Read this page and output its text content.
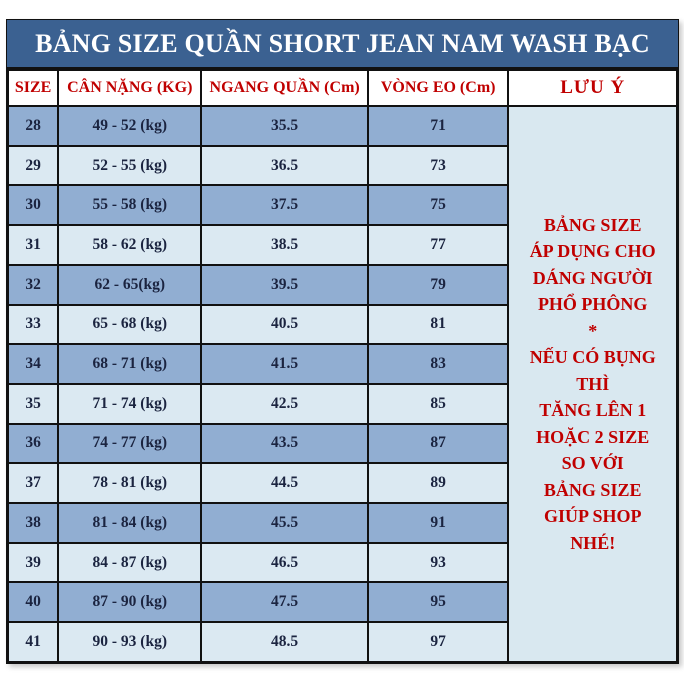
BẢNG SIZE QUẦN SHORT JEAN NAM WASH BẠC
SIZE	CÂN NẶNG (KG)	NGANG QUẦN (Cm)	VÒNG EO (Cm)	LƯU Ý
28	49 - 52 (kg)	35.5	71	
BẢNG SIZE
ÁP DỤNG CHO
DÁNG NGƯỜI
PHỔ PHÔNG
*
NẾU CÓ BỤNG
THÌ
TĂNG LÊN 1
HOẶC 2 SIZE
SO VỚI
BẢNG SIZE
GIÚP SHOP
NHÉ!

29	52 - 55 (kg)	36.5	73	
30	55 - 58 (kg)	37.5	75	
31	58 - 62 (kg)	38.5	77	
32	62 - 65(kg)	39.5	79	
33	65 - 68 (kg)	40.5	81	
34	68 - 71 (kg)	41.5	83	
35	71 - 74 (kg)	42.5	85	
36	74 - 77 (kg)	43.5	87	
37	78 - 81 (kg)	44.5	89	
38	81 - 84 (kg)	45.5	91	
39	84 - 87 (kg)	46.5	93	
40	87 - 90 (kg)	47.5	95	
41	90 - 93 (kg)	48.5	97	
